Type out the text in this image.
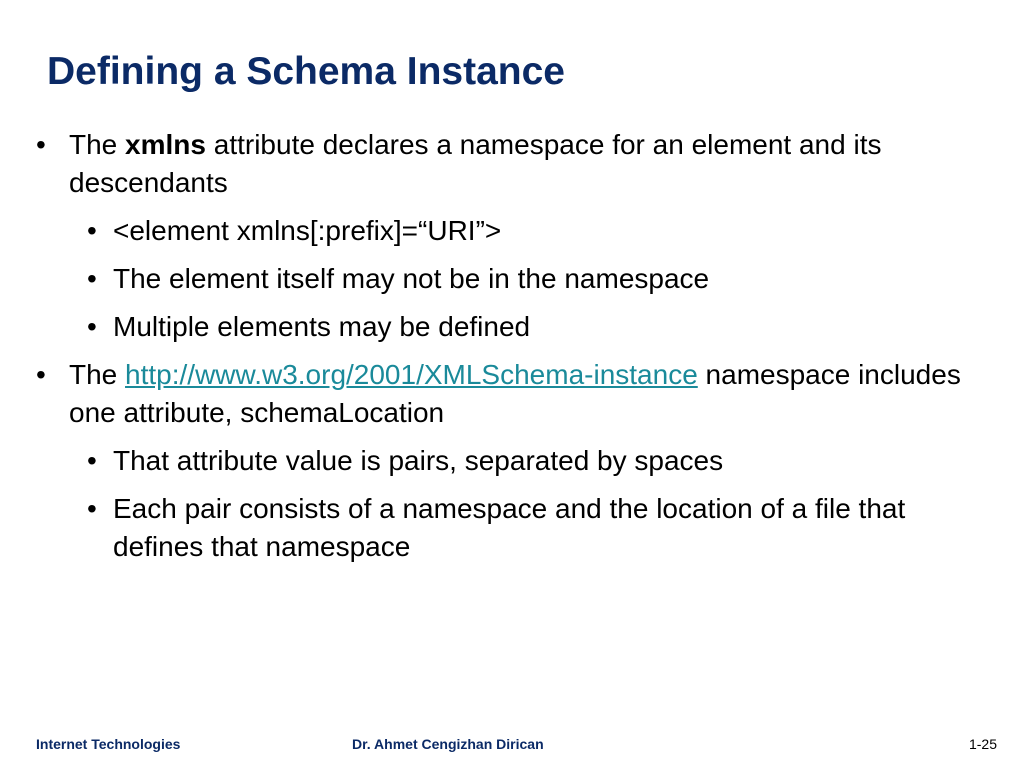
Defining a Schema Instance
• The xmlns attribute declares a namespace for an element and its descendants
• <element xmlns[:prefix]=“URI”>
• The element itself may not be in the namespace
• Multiple elements may be defined
• The http://www.w3.org/2001/XMLSchema-instance namespace includes one attribute, schemaLocation
• That attribute value is pairs, separated by spaces
• Each pair consists of a namespace and the location of a file that defines that namespace
Internet Technologies	Dr. Ahmet Cengizhan Dirican	1-25
